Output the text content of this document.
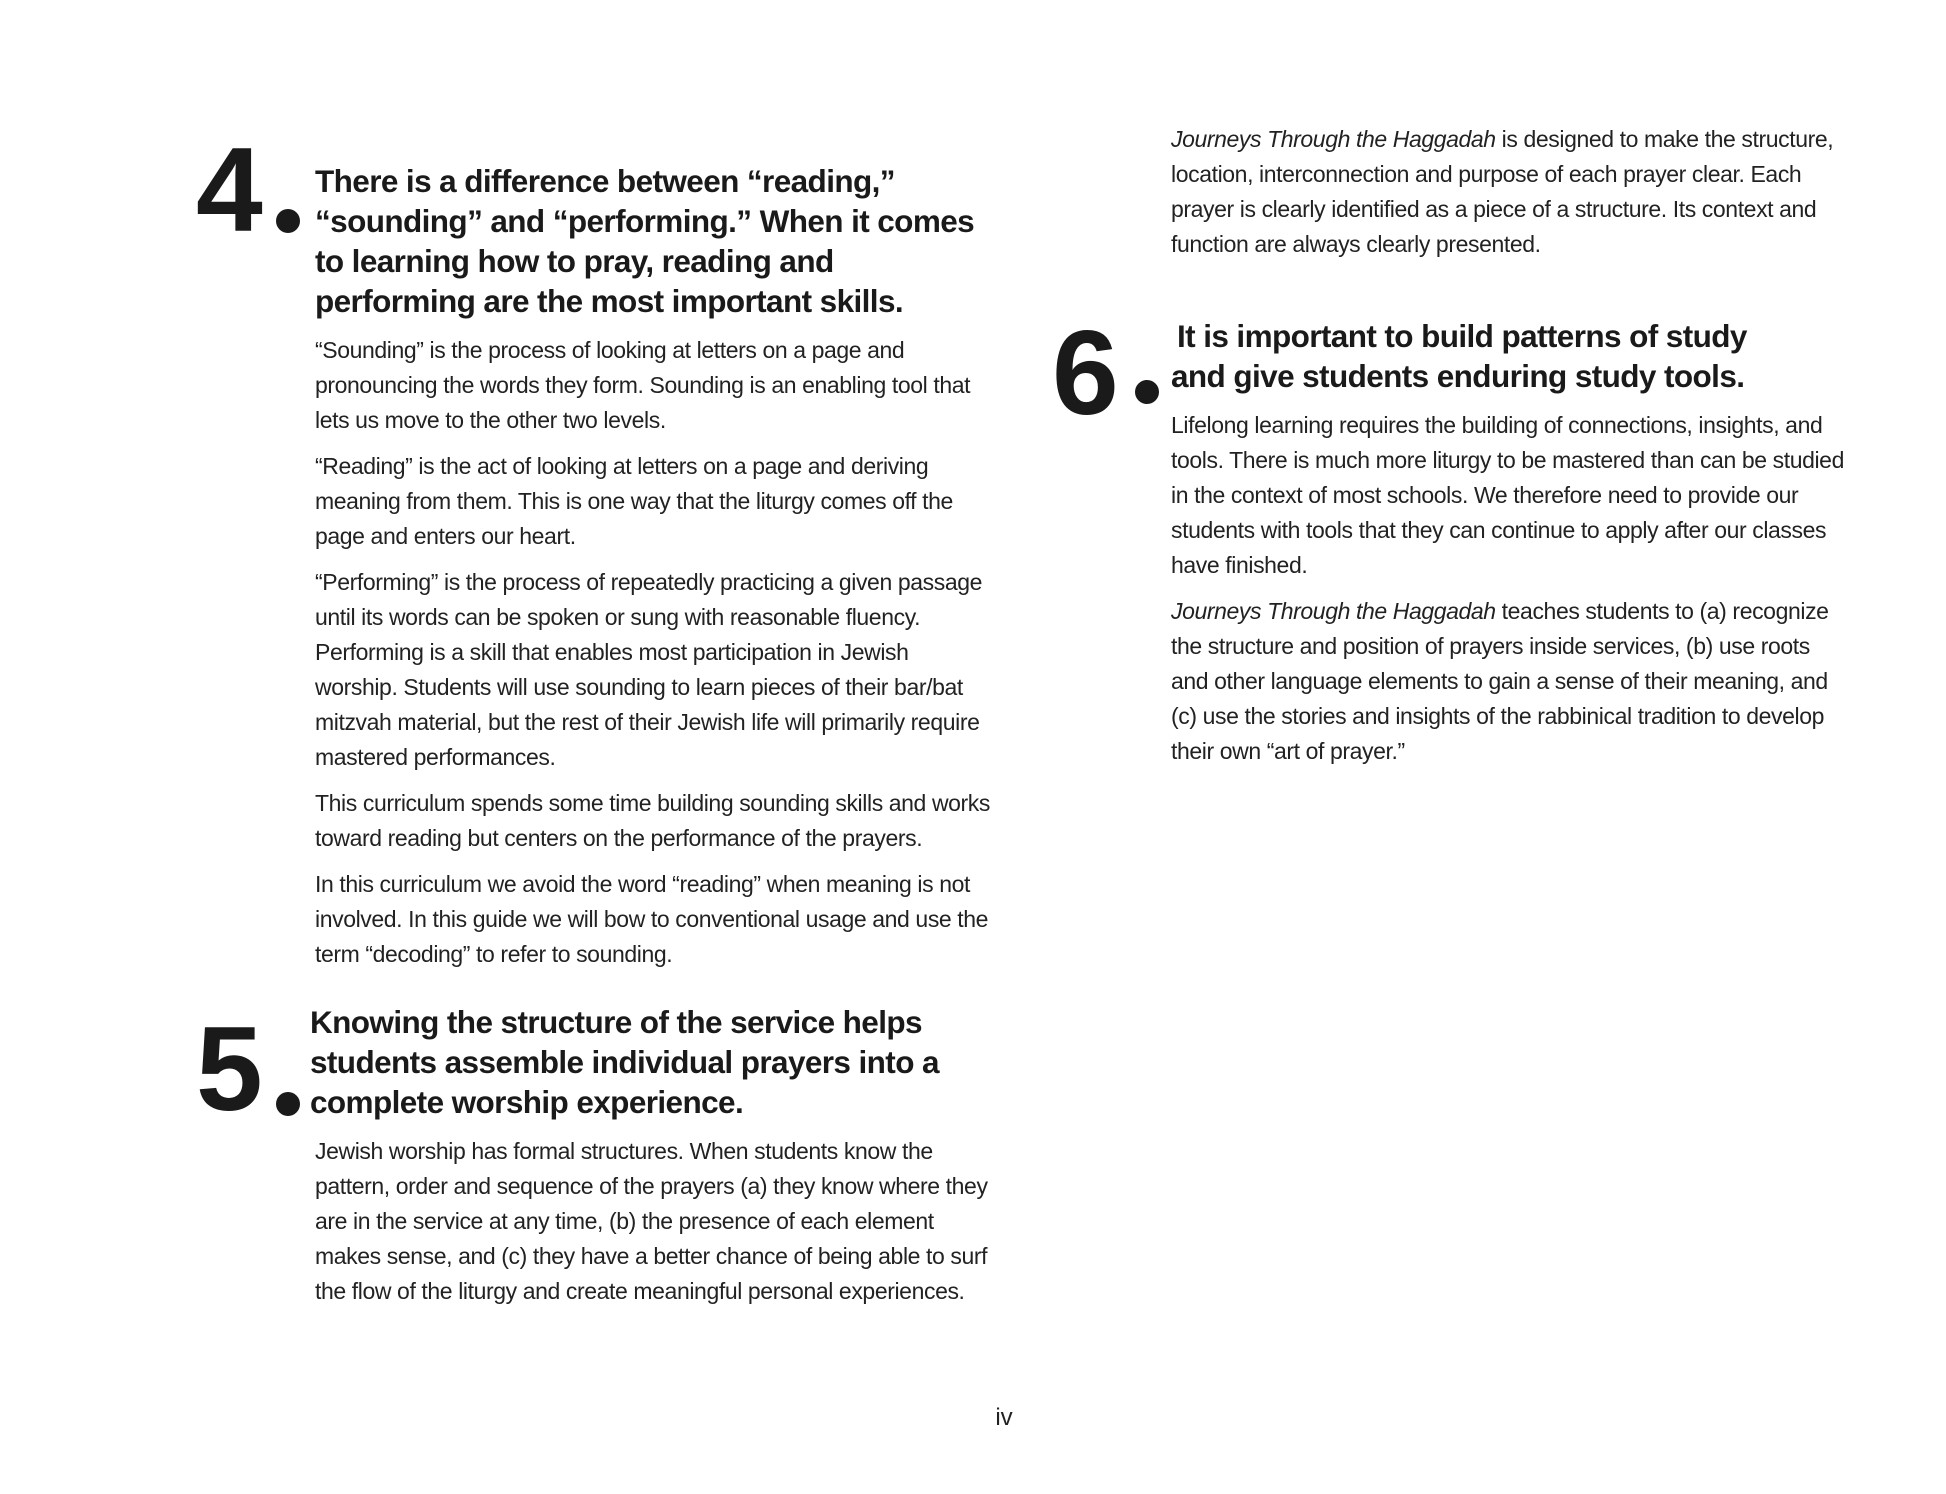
4 There is a difference between “reading,” “sounding” and “performing.” When it comes to learning how to pray, reading and performing are the most important skills.

“Sounding” is the process of looking at letters on a page and pronouncing the words they form. Sounding is an enabling tool that lets us move to the other two levels.

“Reading” is the act of looking at letters on a page and deriving meaning from them. This is one way that the liturgy comes off the page and enters our heart.

“Performing” is the process of repeatedly practicing a given passage until its words can be spoken or sung with reasonable fluency. Performing is a skill that enables most participation in Jewish worship. Students will use sounding to learn pieces of their bar/bat mitzvah material, but the rest of their Jewish life will primarily require mastered performances.

This curriculum spends some time building sounding skills and works toward reading but centers on the performance of the prayers.

In this curriculum we avoid the word “reading” when meaning is not involved. In this guide we will bow to conventional usage and use the term “decoding” to refer to sounding.

5 Knowing the structure of the service helps students assemble individual prayers into a complete worship experience.

Jewish worship has formal structures. When students know the pattern, order and sequence of the prayers (a) they know where they are in the service at any time, (b) the presence of each element makes sense, and (c) they have a better chance of being able to surf the flow of the liturgy and create meaningful personal experiences.

Journeys Through the Haggadah is designed to make the structure, location, interconnection and purpose of each prayer clear. Each prayer is clearly identified as a piece of a structure. Its context and function are always clearly presented.

6 It is important to build patterns of study
and give students enduring study tools.

Lifelong learning requires the building of connections, insights, and tools. There is much more liturgy to be mastered than can be studied in the context of most schools. We therefore need to provide our students with tools that they can continue to apply after our classes have finished.

Journeys Through the Haggadah teaches students to (a) recognize the structure and position of prayers inside services, (b) use roots and other language elements to gain a sense of their meaning, and (c) use the stories and insights of the rabbinical tradition to develop their own “art of prayer.”

iv
